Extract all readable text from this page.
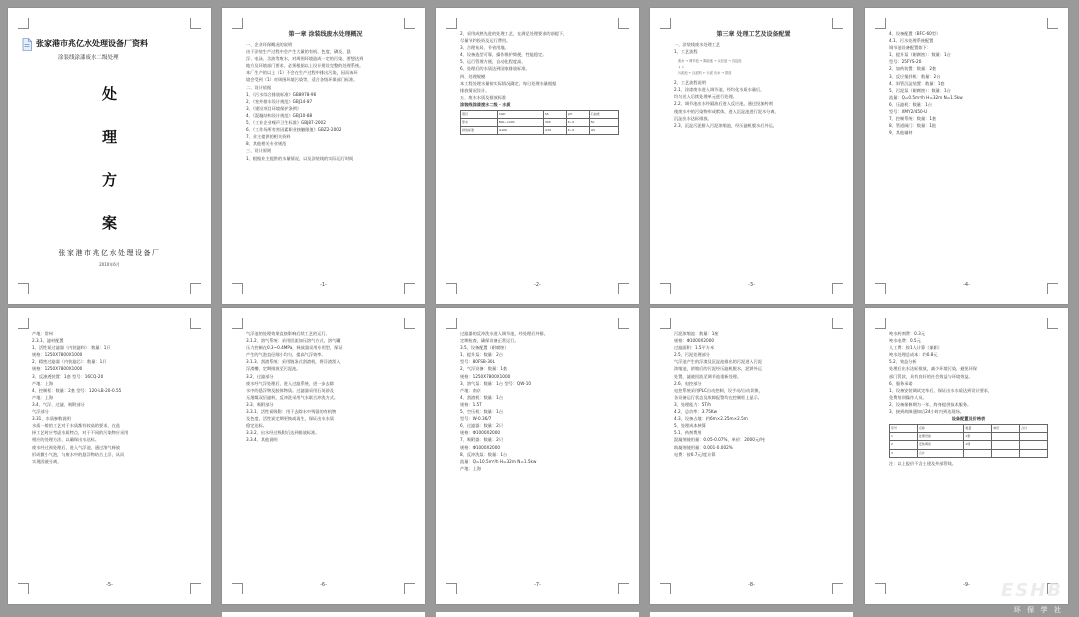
张家港市兆亿水处理设备厂资料
涂装线涂漆废水二级处理
处
理
方
案
张家港市兆亿水处理设备厂
2010年6月
第一章 涂装线废水处理概况

一、企业环保概况的说明

由于涂装生产过程中会产生大量的有机、色度、磷及、悬

浮、电泳、含油等废水，对周围环境造成一定的污染，要想达到

地方及环境部门要求，必须根据以上设计建设完整的处理系统。

本厂生产的以上（1）不会在生产过程中排出污染，因而该环

境会受到（1）对周围环境污染等，适合各级环保部门标准。

二、设计依据

1、《污水综合排放标准》GB8978-96

2、《室外排水设计规范》GBJ14-87

3、《建设项目环境保护条例》

4、《混凝结构设计规范》GBJ10-88

5、《工业企业噪声卫生标准》GBJ87-2002

6、《工作场所有害因素职业接触限值》GBZ2-2002

7、业主提供的相关资料

8、其他相关专业规范

三、设计原则

1、根据业主提供的水量情况，以及涂装线的实际运行时间

-1-

2、采用成熟先进的处理工艺，在满足处理要求的前提下，

尽量节约投资及运行费用。

3、合理布局、节省用地。

4、设备选型可靠，操作维护简便，性能稳定。

5、运行管理方便，自动化程度高。

6、处理后的水质达到国家排放标准。

四、处理规模

本工程处理水量按实际情况确定，每日处理水量根据

排放情况设计。

五、废水水质及排放标准

涂装线涂漆废水二级 · 水质

项目	COD	SS	pH	石油类
原水	800~1200	300	6~9	50
排放标准	≤100	≤70	6~9	≤5
-2-
第三章 处理工艺及设备配置

一、涂装线废水处理工艺

1、工艺流程

废水 → 调节池 → 隔油池 → 反应池 → 沉淀池

↓ ↓

污泥池 ← 压滤机 ← 污泥 出水 → 排放

2、工艺流程说明

2.1、涂漆废水进入调节池，经均化水质水量后，

均匀送入后续处理单元进行处理。

2.2、调节池出水经隔油后进入反应池，通过投加药剂

使废水中的污染物形成絮体，进入沉淀池进行泥水分离，

沉淀出水达标排放。

2.3、沉淀污泥排入污泥浓缩池，经压滤机脱水后外运。

-3-

4、设备配置（BFC-60型）

4.1、污水处理系统配置

调节池设备配置如下：

1、提升泵（耐腐蚀）：数量：1台

型号：25FYS-20

2、加药装置：数量：2套

3、反应搅拌机：数量：2台

4、斜管沉淀装置：数量：1套

5、污泥泵（耐腐蚀）：数量：1台

流量：Q=0.5m³/h H=32m N=1.5kw

6、压滤机：数量：1台

型号：XMY2/450-U

7、控制系统：数量：1套

8、管道阀门：数量：1批

9、其他辅材

-4-

产地：常州

2.3.1、滤材配置

1、活性炭过滤器（内装滤料）：数量：1只

规格：1250X7800X1000

2、精密过滤器（内装滤芯）：数量：1只

规格：1250X7800X1000

3、反渗透装置：1套 型号：16CQ-20

产地：上海

4、控制柜：数量：2套 型号：120-LB-20-0.55

产地：上海

3.4、气浮、过滤、吸附部分

气浮部分

3.31、水质参数说明

水质一般的工艺对于水质都有较高的要求，在选

择工艺时应考虑水质特点，对于不同的污染物应采用

相应的处理方法，以确保出水达标。

废水经过预处理后，进入气浮池，通过溶气释放

形成微小气泡，与废水中的悬浮物结合上浮，从而

实现固液分离。

-5-

气浮池的处理效果直接影响后续工艺的运行。

3.1.2、溶气系统：采用回流加压溶气方式，溶气罐

压力控制在0.3~0.4MPa，释放器采用专用型，保证

产生的气泡直径细小均匀，提高气浮效率。

3.1.3、刮渣系统：采用链条式刮渣机，将浮渣刮入

浮渣槽，定期排放至污泥池。

3.2、过滤部分

废水经气浮处理后，进入过滤系统，进一步去除

水中的悬浮物及胶体物质。过滤器采用石英砂及

无烟煤双层滤料，反冲洗采用气水联合冲洗方式。

3.3、吸附部分

3.3.1、活性炭吸附：用于去除水中残留的有机物

及色度，活性炭定期更换或再生，保证出水水质

稳定达标。

3.3.2、出水经过吸附后达到排放标准。

3.3.4、其他说明

-6-

过滤器的反冲洗水进入调节池，经处理后外排。

定期检查，确保设备正常运行。

3.5、设备配置（耐腐蚀）

1、提升泵：数量：2台

型号：80FSB-30L

2、气浮设备：数量：1套

规格：1250X7800X1000

3、溶气泵：数量：1台 型号：QW-10

产地：南京

4、刮渣机：数量：1台

规格：1.5T

5、空压机：数量：1台

型号：W-0.36/7

6、过滤器：数量：2只

规格：Φ1000X2000

7、吸附器：数量：2只

规格：Φ1000X2000

8、反冲洗泵：数量：1台

流量：Q=10.5m³/h H=32m N=1.5kw

产地：上海

-7-

污泥浓缩池：数量：1座

规格：Φ1000X2000

过滤面积：1.5平方米

2.5、污泥处理部分

气浮池产生的浮渣及沉淀池排出的污泥进入污泥

浓缩池，浓缩后的污泥经压滤机脱水，泥饼外运

处置，滤液回流至调节池重新处理。

2.6、电控部分

电控系统采用PLC自动控制，设手动/自动切换，

各设备运行状态及故障报警均在控制柜上显示。

3、处理能力：5T/h

4.2、总功率：3.75Kw

4.3、设备占地：约6m×2.25m×2.5m

5、处理成本核算

5.1、药剂费用

混凝剂使用量：0.05-0.07%，单价：2000元/吨

助凝剂使用量：0.001-0.002%

电费：按0.7元/度计算

-8-

吨水药剂费：0.3元

吨水电费：0.5元

人工费：按1人计算（兼职）

吨水处理总成本：约0.8元

5.2、效益分析

处理后出水达标排放，减少环境污染，避免环保

部门罚款，具有良好的社会效益与环境效益。

6、服务承诺

1、设备安装调试完毕后，保证出水水质达到设计要求，

免费培训操作人员。

2、设备保修期为一年，终身提供技术服务。

3、接到故障通知后24小时内到达现场。

设备配置及价格表

序号	名称	数量	单价	合计
1	处理设备	1套		
2	安装调试	1项		
3	合计			

注：以上报价不含土建及外部管线。

ESHB
环 保 学 社
